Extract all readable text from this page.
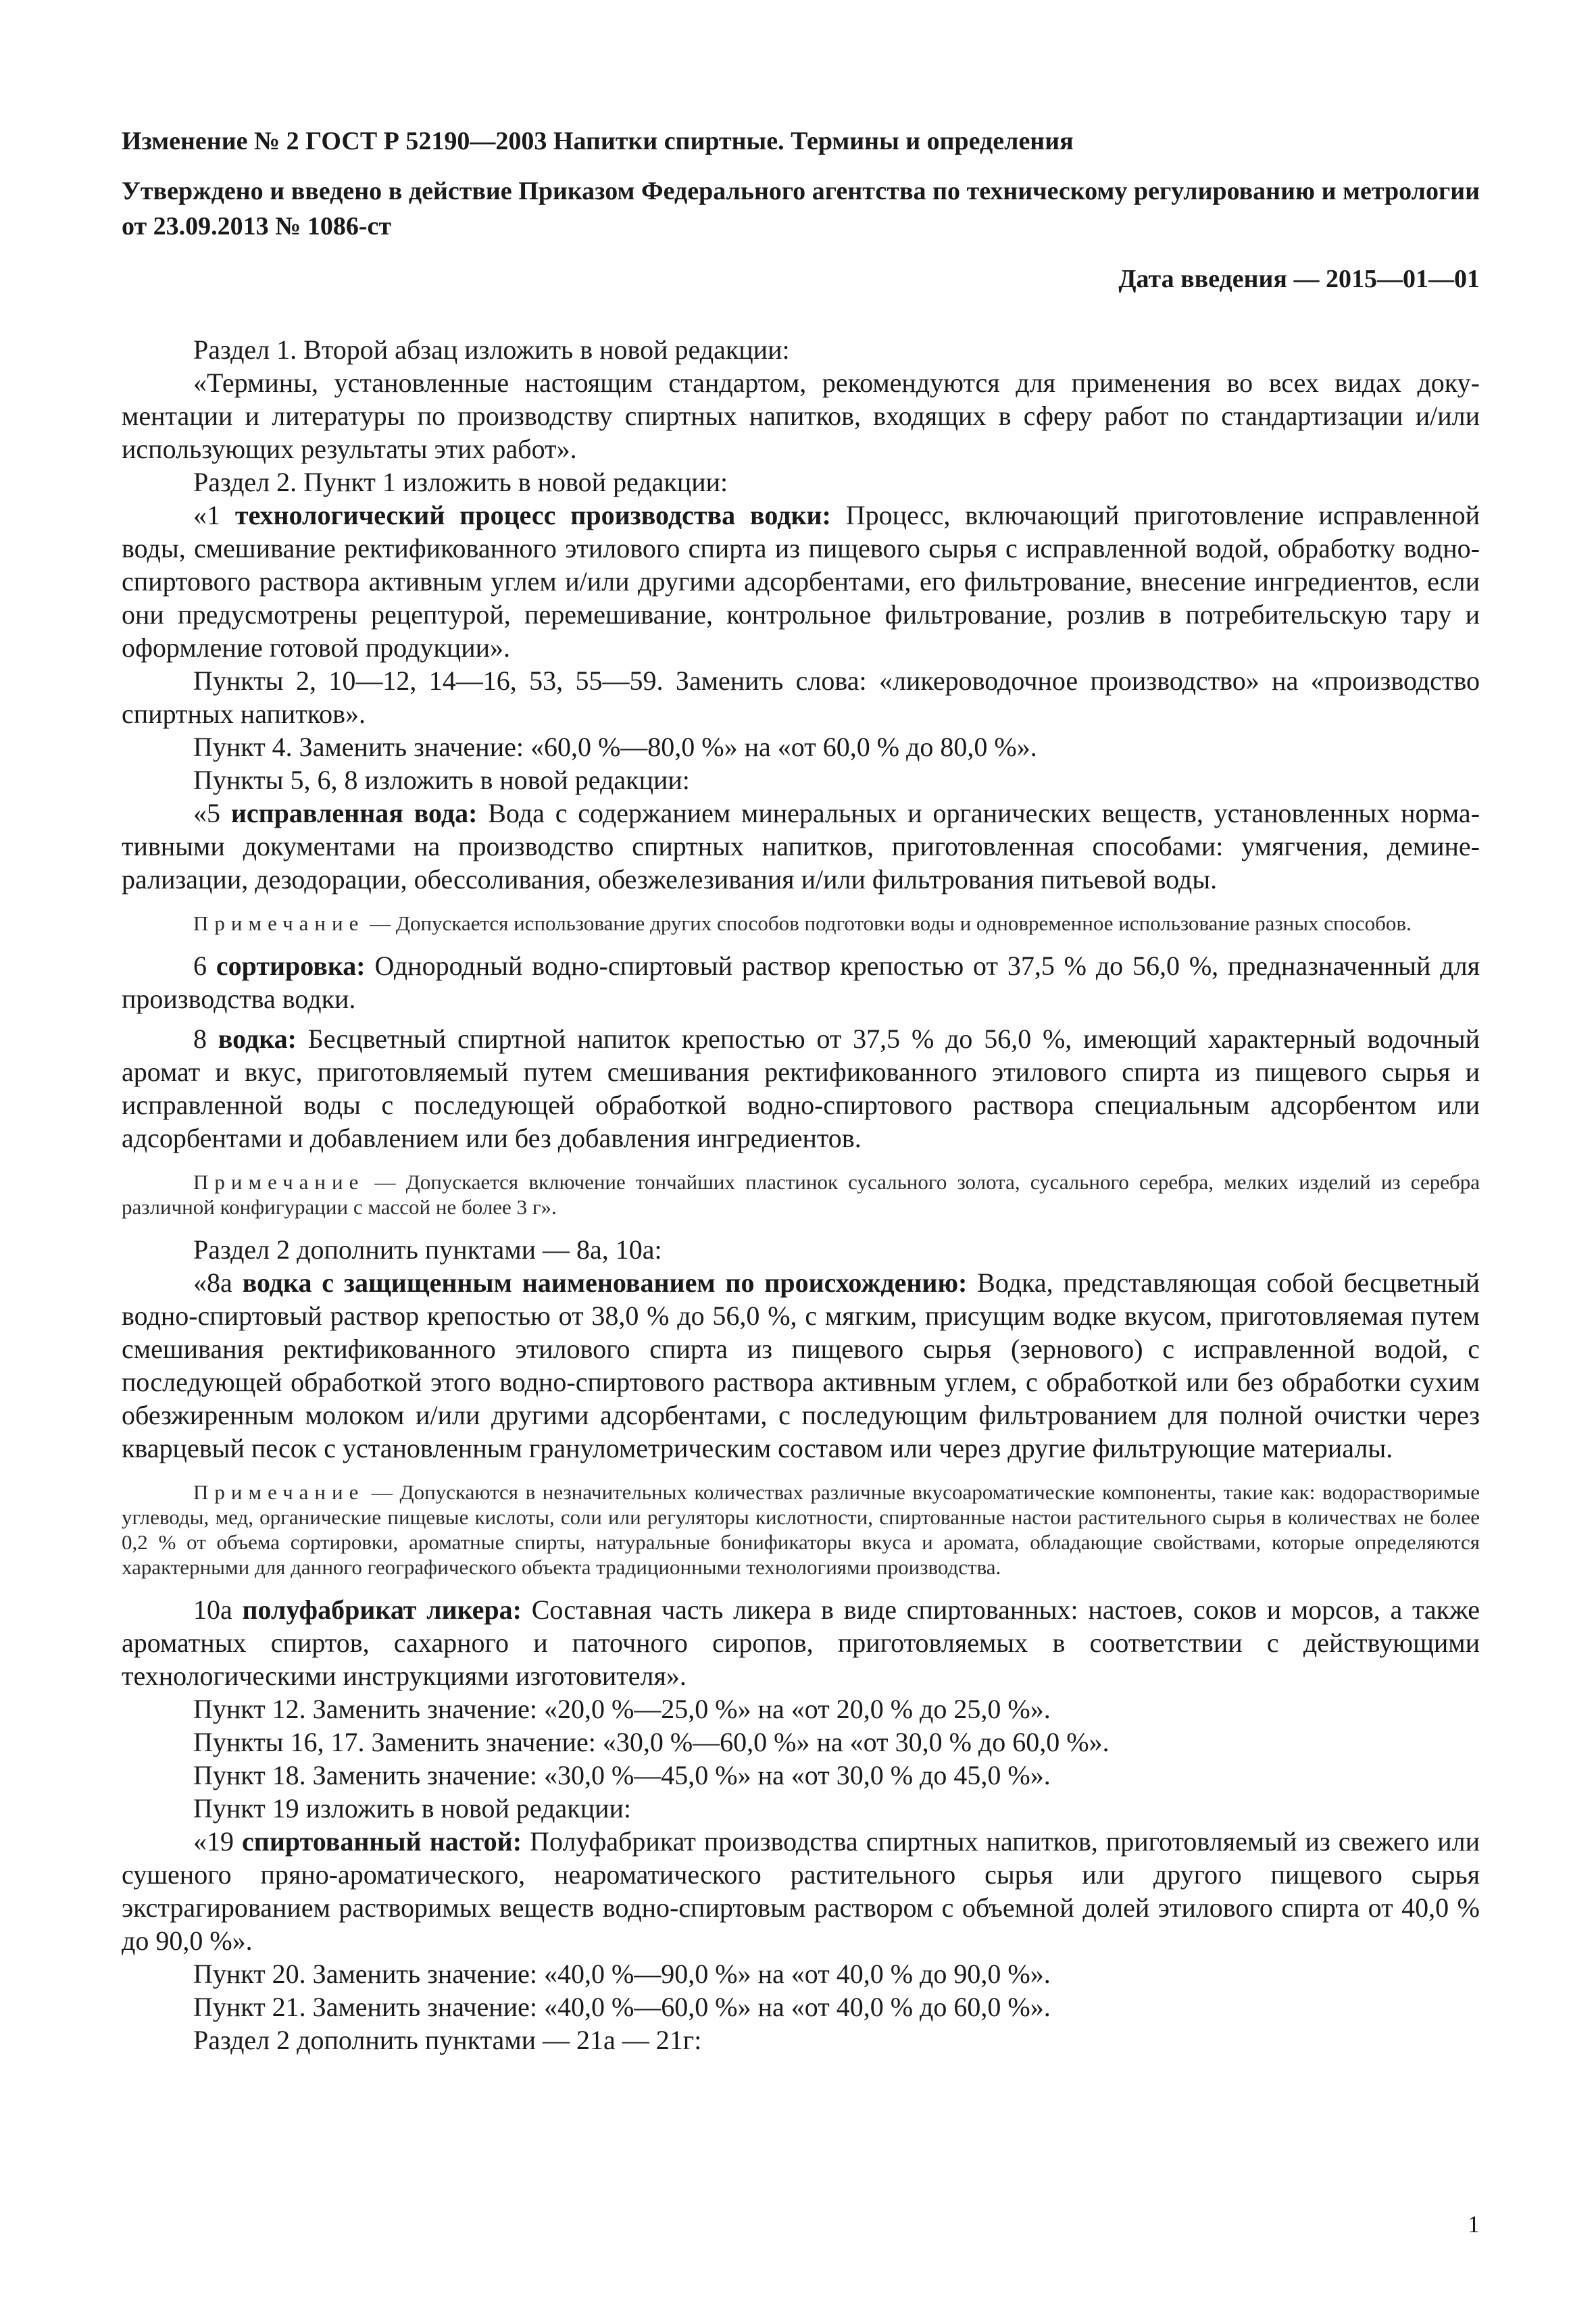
Изменение № 2 ГОСТ Р 52190—2003 Напитки спиртные. Термины и определения

Утверждено и введено в действие Приказом Федерального агентства по техническому регулированию и метрологии от 23.09.2013 № 1086-ст

Дата введения — 2015—01—01

Раздел 1. Второй абзац изложить в новой редакции:

«Термины, установленные настоящим стандартом, рекомендуются для применения во всех видах документации и литературы по производству спиртных напитков, входящих в сферу работ по стандартизации и/или использующих результаты этих работ».

Раздел 2. Пункт 1 изложить в новой редакции:

«1 технологический процесс производства водки: Процесс, включающий приготовление исправленной воды, смешивание ректификованного этилового спирта из пищевого сырья с исправленной водой, обработку водно-спиртового раствора активным углем и/или другими адсорбентами, его фильтрование, внесение ингредиентов, если они предусмотрены рецептурой, перемешивание, контрольное фильтрование, розлив в потребительскую тару и оформление готовой продукции».

Пункты 2, 10—12, 14—16, 53, 55—59. Заменить слова: «ликероводочное производство» на «производство спиртных напитков».

Пункт 4. Заменить значение: «60,0 %—80,0 %» на «от 60,0 % до 80,0 %».

Пункты 5, 6, 8 изложить в новой редакции:

«5 исправленная вода: Вода с содержанием минеральных и органических веществ, установленных нормативными документами на производство спиртных напитков, приготовленная способами: умягчения, деминерализации, дезодорации, обессоливания, обезжелезивания и/или фильтрования питьевой воды.

Примечание — Допускается использование других способов подготовки воды и одновременное использование разных способов.

6 сортировка: Однородный водно-спиртовый раствор крепостью от 37,5 % до 56,0 %, предназначенный для производства водки.

8 водка: Бесцветный спиртной напиток крепостью от 37,5 % до 56,0 %, имеющий характерный водочный аромат и вкус, приготовляемый путем смешивания ректификованного этилового спирта из пищевого сырья и исправленной воды с последующей обработкой водно-спиртового раствора специальным адсорбентом или адсорбентами и добавлением или без добавления ингредиентов.

Примечание — Допускается включение тончайших пластинок сусального золота, сусального серебра, мелких изделий из серебра различной конфигурации с массой не более 3 г».

Раздел 2 дополнить пунктами — 8а, 10а:

«8а водка с защищенным наименованием по происхождению: Водка, представляющая собой бесцветный водно-спиртовый раствор крепостью от 38,0 % до 56,0 %, с мягким, присущим водке вкусом, приготовляемая путем смешивания ректификованного этилового спирта из пищевого сырья (зернового) с исправленной водой, с последующей обработкой этого водно-спиртового раствора активным углем, с обработкой или без обработки сухим обезжиренным молоком и/или другими адсорбентами, с последующим фильтрованием для полной очистки через кварцевый песок с установленным гранулометрическим составом или через другие фильтрующие материалы.

Примечание — Допускаются в незначительных количествах различные вкусоароматические компоненты, такие как: водорастворимые углеводы, мед, органические пищевые кислоты, соли или регуляторы кислотности, спиртованные настои растительного сырья в количествах не более 0,2 % от объема сортировки, ароматные спирты, натуральные бонификаторы вкуса и аромата, обладающие свойствами, которые определяются характерными для данного географического объекта традиционными технологиями производства.

10а полуфабрикат ликера: Составная часть ликера в виде спиртованных: настоев, соков и морсов, а также ароматных спиртов, сахарного и паточного сиропов, приготовляемых в соответствии с действующими технологическими инструкциями изготовителя».

Пункт 12. Заменить значение: «20,0 %—25,0 %» на «от 20,0 % до 25,0 %».

Пункты 16, 17. Заменить значение: «30,0 %—60,0 %» на «от 30,0 % до 60,0 %».

Пункт 18. Заменить значение: «30,0 %—45,0 %» на «от 30,0 % до 45,0 %».

Пункт 19 изложить в новой редакции:

«19 спиртованный настой: Полуфабрикат производства спиртных напитков, приготовляемый из свежего или сушеного пряно-ароматического, неароматического растительного сырья или другого пищевого сырья экстрагированием растворимых веществ водно-спиртовым раствором с объемной долей этилового спирта от 40,0 % до 90,0 %».

Пункт 20. Заменить значение: «40,0 %—90,0 %» на «от 40,0 % до 90,0 %».

Пункт 21. Заменить значение: «40,0 %—60,0 %» на «от 40,0 % до 60,0 %».

Раздел 2 дополнить пунктами — 21а — 21г:

1
